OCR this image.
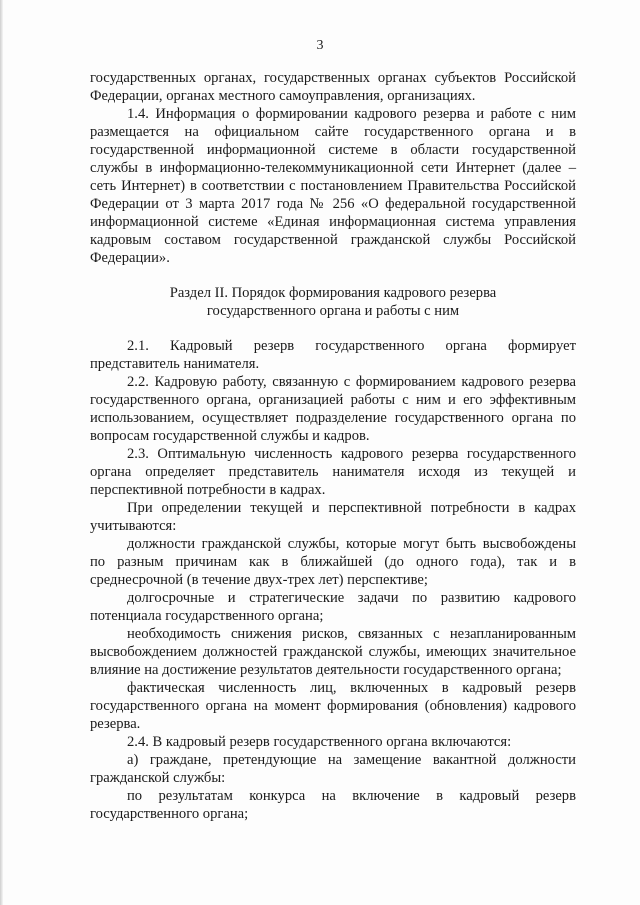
3

государственных органах, государственных органах субъектов Российской Федерации, органах местного самоуправления, организациях.

1.4. Информация о формировании кадрового резерва и работе с ним размещается на официальном сайте государственного органа и в государственной информационной системе в области государственной службы в информационно-телекоммуникационной сети Интернет (далее – сеть Интернет) в соответствии с постановлением Правительства Российской Федерации от 3 марта 2017 года № 256 «О федеральной государственной информационной системе «Единая информационная система управления кадровым составом государственной гражданской службы Российской Федерации».

Раздел II. Порядок формирования кадрового резерва
государственного органа и работы с ним

2.1. Кадровый резерв государственного органа формирует представитель нанимателя.

2.2. Кадровую работу, связанную с формированием кадрового резерва государственного органа, организацией работы с ним и его эффективным использованием, осуществляет подразделение государственного органа по вопросам государственной службы и кадров.

2.3. Оптимальную численность кадрового резерва государственного органа определяет представитель нанимателя исходя из текущей и перспективной потребности в кадрах.

При определении текущей и перспективной потребности в кадрах учитываются:

должности гражданской службы, которые могут быть высвобождены по разным причинам как в ближайшей (до одного года), так и в среднесрочной (в течение двух-трех лет) перспективе;

долгосрочные и стратегические задачи по развитию кадрового потенциала государственного органа;

необходимость снижения рисков, связанных с незапланированным высвобождением должностей гражданской службы, имеющих значительное влияние на достижение результатов деятельности государственного органа;

фактическая численность лиц, включенных в кадровый резерв государственного органа на момент формирования (обновления) кадрового резерва.

2.4. В кадровый резерв государственного органа включаются:

а) граждане, претендующие на замещение вакантной должности гражданской службы:

по результатам конкурса на включение в кадровый резерв государственного органа;
